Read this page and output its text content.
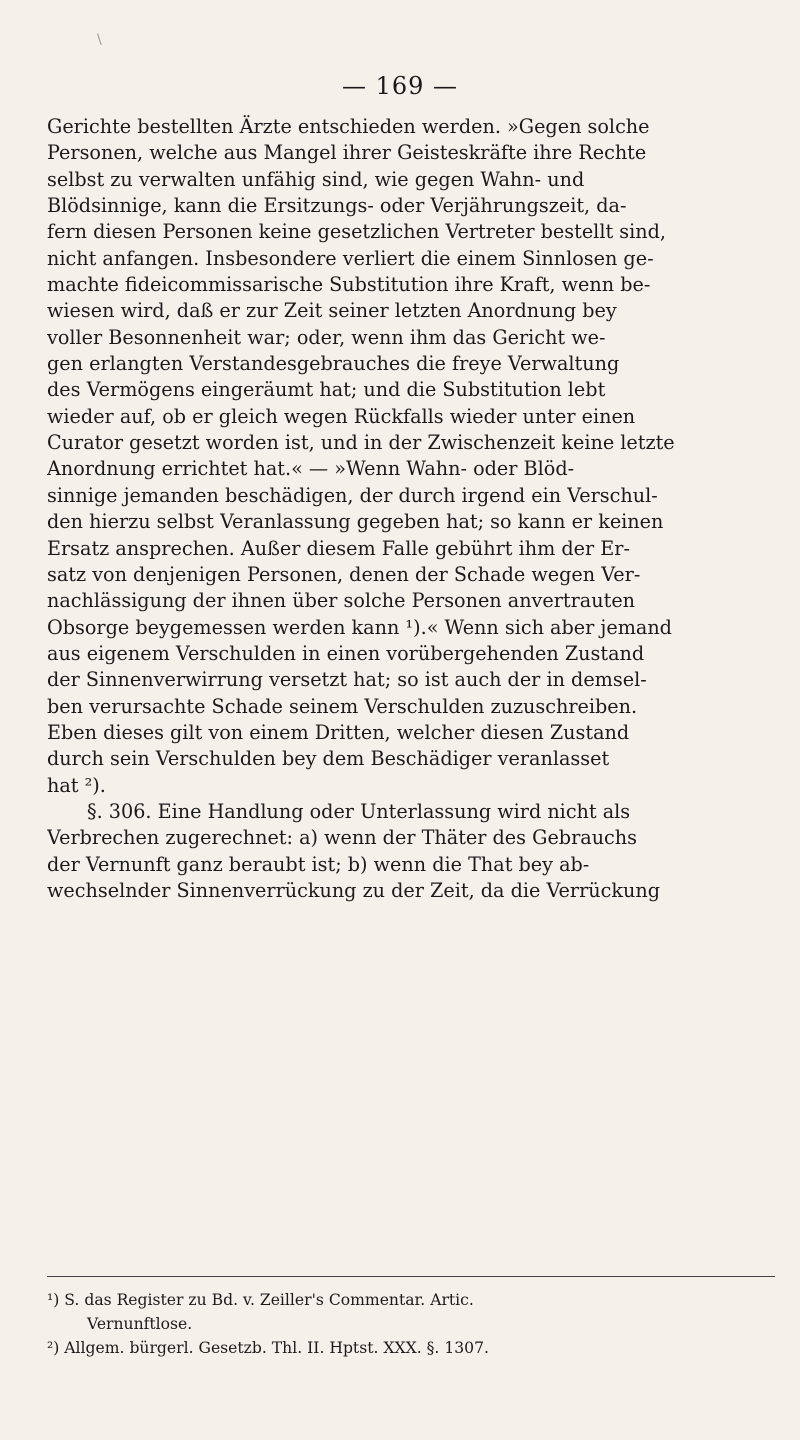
\
— 169 —
Gerichte bestellten Ärzte entschieden werden. »Gegen solche
Personen, welche aus Mangel ihrer Geisteskräfte ihre Rechte
selbst zu verwalten unfähig sind, wie gegen Wahn- und
Blödsinnige, kann die Ersitzungs- oder Verjährungszeit, da-
fern diesen Personen keine gesetzlichen Vertreter bestellt sind,
nicht anfangen. Insbesondere verliert die einem Sinnlosen ge-
machte fideicommissarische Substitution ihre Kraft, wenn be-
wiesen wird, daß er zur Zeit seiner letzten Anordnung bey
voller Besonnenheit war; oder, wenn ihm das Gericht we-
gen erlangten Verstandesgebrauches die freye Verwaltung
des Vermögens eingeräumt hat; und die Substitution lebt
wieder auf, ob er gleich wegen Rückfalls wieder unter einen
Curator gesetzt worden ist, und in der Zwischenzeit keine letzte
Anordnung errichtet hat.« — »Wenn Wahn- oder Blöd-
sinnige jemanden beschädigen, der durch irgend ein Verschul-
den hierzu selbst Veranlassung gegeben hat; so kann er keinen
Ersatz ansprechen. Außer diesem Falle gebührt ihm der Er-
satz von denjenigen Personen, denen der Schade wegen Ver-
nachlässigung der ihnen über solche Personen anvertrauten
Obsorge beygemessen werden kann ¹).« Wenn sich aber jemand
aus eigenem Verschulden in einen vorübergehenden Zustand
der Sinnenverwirrung versetzt hat; so ist auch der in demsel-
ben verursachte Schade seinem Verschulden zuzuschreiben.
Eben dieses gilt von einem Dritten, welcher diesen Zustand
durch sein Verschulden bey dem Beschädiger veranlasset
hat ²).
§. 306. Eine Handlung oder Unterlassung wird nicht als
Verbrechen zugerechnet: a) wenn der Thäter des Gebrauchs
der Vernunft ganz beraubt ist; b) wenn die That bey ab-
wechselnder Sinnenverrückung zu der Zeit, da die Verrückung
¹) S. das Register zu Bd. v. Zeiller's Commentar. Artic.
Vernunftlose.
²) Allgem. bürgerl. Gesetzb. Thl. II. Hptst. XXX. §. 1307.
